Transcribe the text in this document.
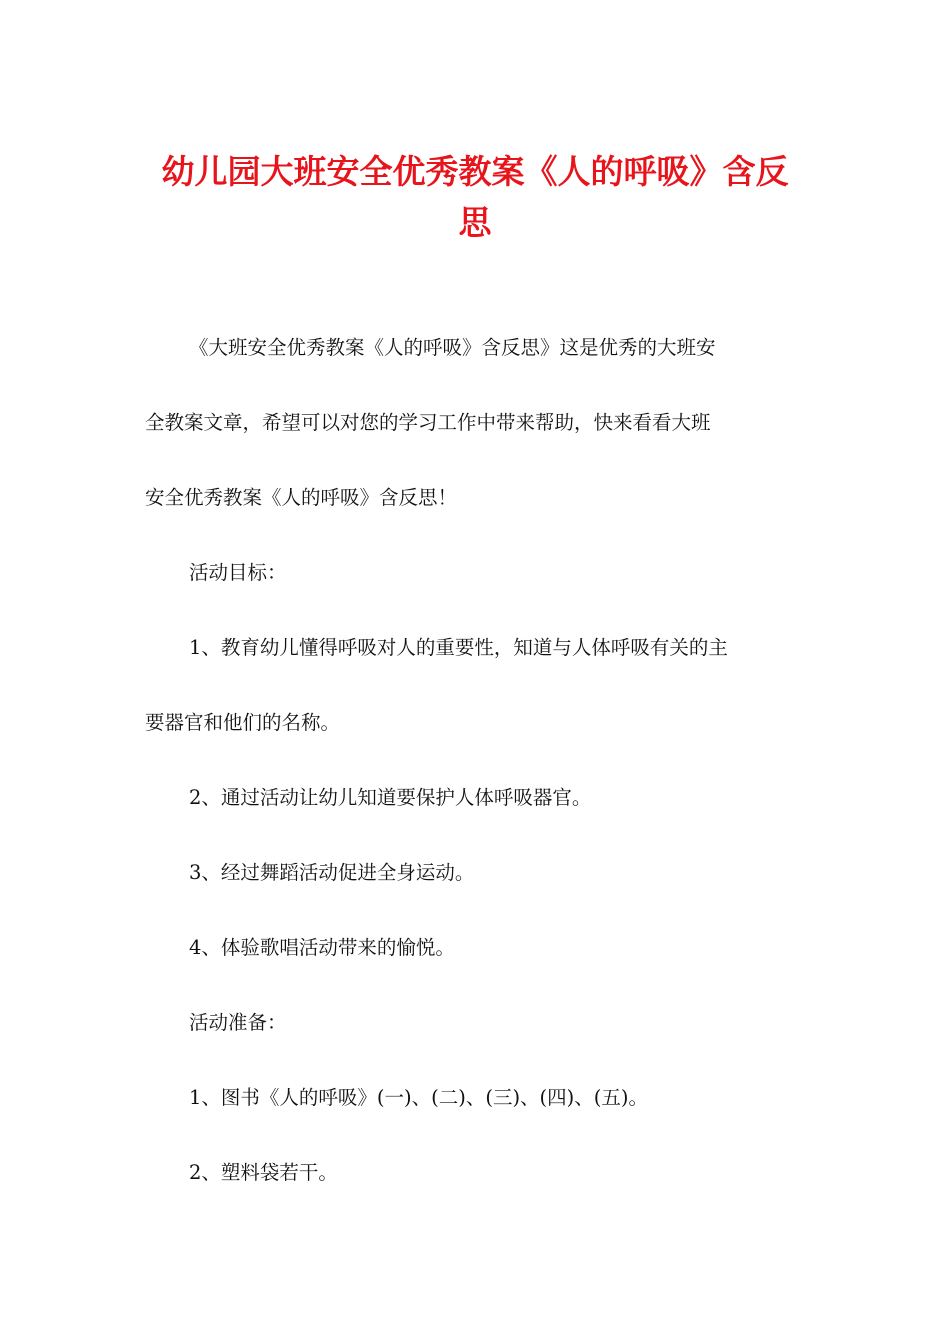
幼儿园大班安全优秀教案《人的呼吸》含反
思
《大班安全优秀教案《人的呼吸》含反思》这是优秀的大班安
全教案文章，希望可以对您的学习工作中带来帮助，快来看看大班
安全优秀教案《人的呼吸》含反思！
活动目标：
1、教育幼儿懂得呼吸对人的重要性，知道与人体呼吸有关的主
要器官和他们的名称。
2、通过活动让幼儿知道要保护人体呼吸器官。
3、经过舞蹈活动促进全身运动。
4、体验歌唱活动带来的愉悦。
活动准备：
1、图书《人的呼吸》(一)、(二)、(三)、(四)、(五)。
2、塑料袋若干。
